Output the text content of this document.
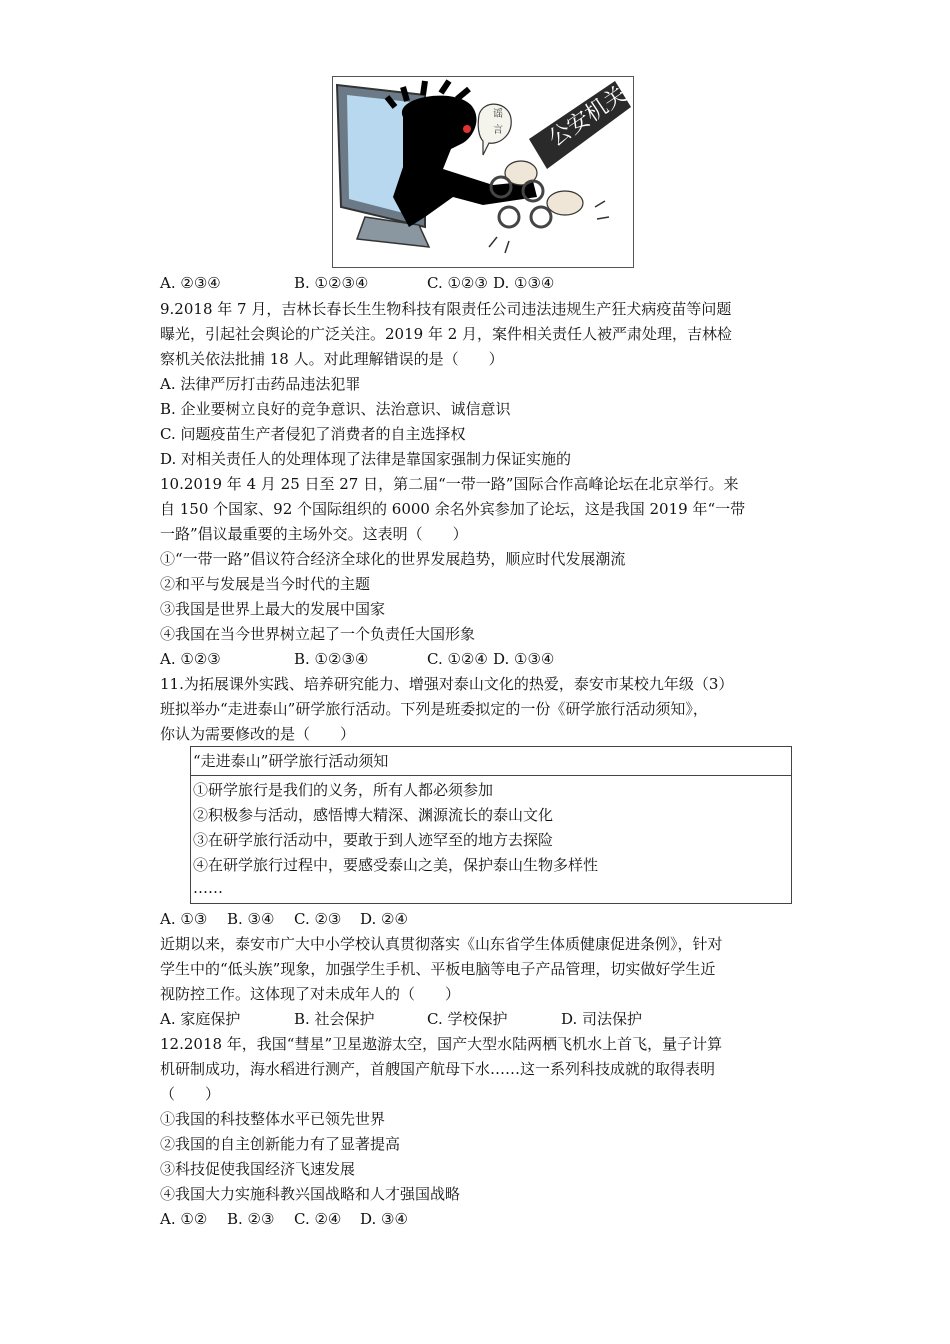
谣
言 公安机关
A. ②③④	B. ①②③④	C. ①②③ D. ①③④
9.2018 年 7 月，吉林长春长生生物科技有限责任公司违法违规生产狂犬病疫苗等问题
曝光，引起社会舆论的广泛关注。2019 年 2 月，案件相关责任人被严肃处理，吉林检
察机关依法批捕 18 人。对此理解错误的是（　　）
A. 法律严厉打击药品违法犯罪
B. 企业要树立良好的竞争意识、法治意识、诚信意识
C. 问题疫苗生产者侵犯了消费者的自主选择权
D. 对相关责任人的处理体现了法律是靠国家强制力保证实施的
10.2019 年 4 月 25 日至 27 日，第二届“一带一路”国际合作高峰论坛在北京举行。来
自 150 个国家、92 个国际组织的 6000 余名外宾参加了论坛，这是我国 2019 年“一带
一路”倡议最重要的主场外交。这表明（　　）
①“一带一路”倡议符合经济全球化的世界发展趋势，顺应时代发展潮流
②和平与发展是当今时代的主题
③我国是世界上最大的发展中国家
④我国在当今世界树立起了一个负责任大国形象
A. ①②③	B. ①②③④	C. ①②④ D. ①③④
11.为拓展课外实践、培养研究能力、增强对泰山文化的热爱，泰安市某校九年级（3）
班拟举办“走进泰山”研学旅行活动。下列是班委拟定的一份《研学旅行活动须知》，
你认为需要修改的是（　　）
“走进泰山”研学旅行活动须知
①研学旅行是我们的义务，所有人都必须参加
②积极参与活动，感悟博大精深、渊源流长的泰山文化
③在研学旅行活动中，要敢于到人迹罕至的地方去探险
④在研学旅行过程中，要感受泰山之美，保护泰山生物多样性
……
A. ①③ B. ③④ C. ②③ D. ②④
近期以来，泰安市广大中小学校认真贯彻落实《山东省学生体质健康促进条例》，针对
学生中的“低头族”现象，加强学生手机、平板电脑等电子产品管理，切实做好学生近
视防控工作。这体现了对未成年人的（　　）
A. 家庭保护	B. 社会保护	C. 学校保护	D. 司法保护
12.2018 年，我国“彗星”卫星遨游太空，国产大型水陆两栖飞机水上首飞，量子计算
机研制成功，海水稻进行测产，首艘国产航母下水……这一系列科技成就的取得表明
（　　）
①我国的科技整体水平已领先世界
②我国的自主创新能力有了显著提高
③科技促使我国经济飞速发展
④我国大力实施科教兴国战略和人才强国战略
A. ①② B. ②③ C. ②④ D. ③④
